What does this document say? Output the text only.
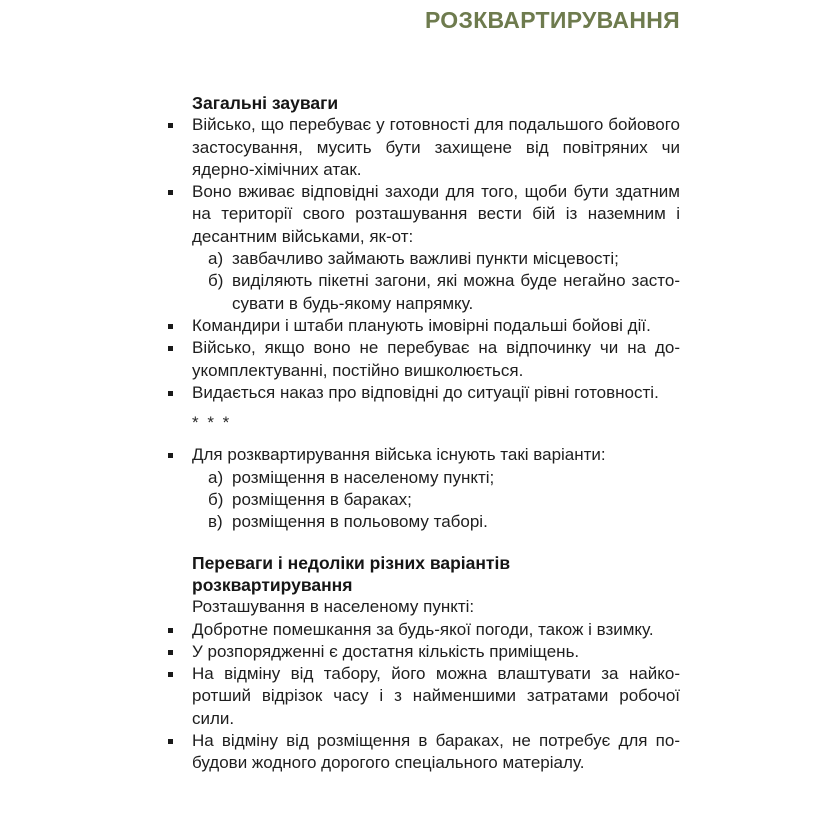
РОЗКВАРТИРУВАННЯ
Загальні зауваги
Військо, що перебуває у готовності для подальшого бойового застосування, мусить бути захищене від повітряних чи ядерно-хімічних атак.
Воно вживає відповідні заходи для того, щоби бути здатним на території свого розташування вести бій із наземним і десантним військами, як-от:
а) завбачливо займають важливі пункти місцевості;
б) виділяють пікетні загони, які можна буде негайно застосувати в будь-якому напрямку.
Командири і штаби планують імовірні подальші бойові дії.
Військо, якщо воно не перебуває на відпочинку чи на доукомплектуванні, постійно вишколюється.
Видається наказ про відповідні до ситуації рівні готовності.
* * *
Для розквартирування війська існують такі варіанти:
а) розміщення в населеному пункті;
б) розміщення в бараках;
в) розміщення в польовому таборі.
Переваги і недоліки різних варіантів розквартирування

Розташування в населеному пункті:

Добротне помешкання за будь-якої погоди, також і взимку.
У розпорядженні є достатня кількість приміщень.
На відміну від табору, його можна влаштувати за найкоротший відрізок часу і з найменшими затратами робочої сили.
На відміну від розміщення в бараках, не потребує для побудови жодного дорогого спеціального матеріалу.
